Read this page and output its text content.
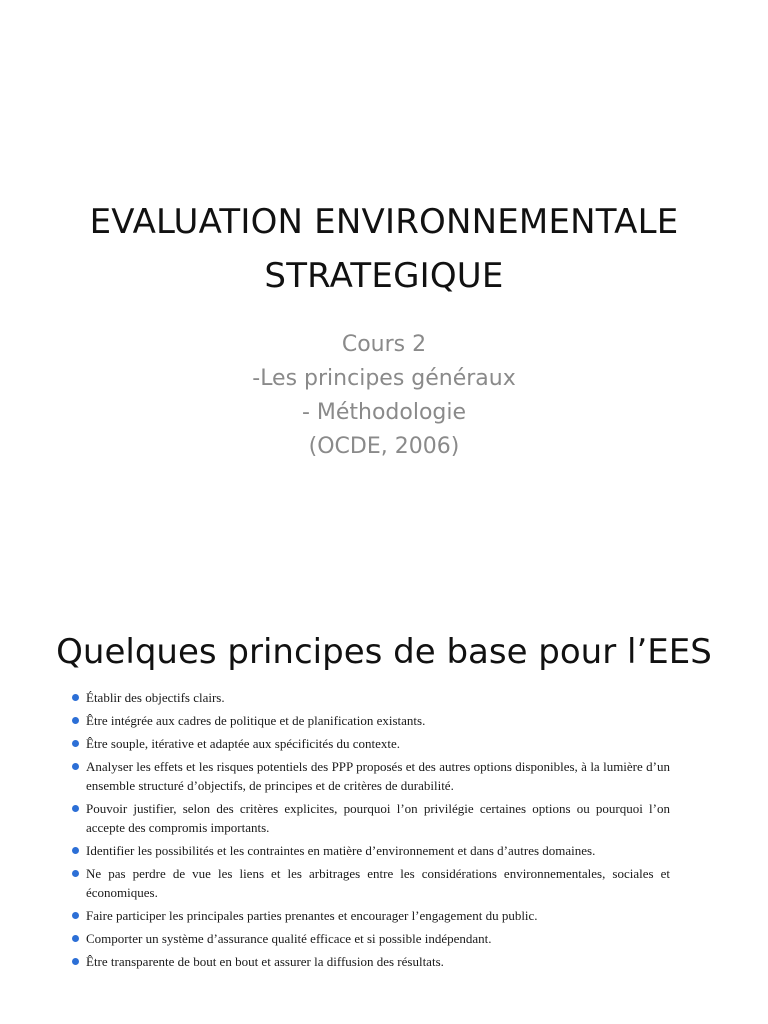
EVALUATION ENVIRONNEMENTALE
STRATEGIQUE
Cours 2
-Les principes généraux
- Méthodologie
(OCDE, 2006)
Quelques principes de base pour l’EES
Établir des objectifs clairs.
Être intégrée aux cadres de politique et de planification existants.
Être souple, itérative et adaptée aux spécificités du contexte.
Analyser les effets et les risques potentiels des PPP proposés et des autres options disponibles, à la lumière d’un ensemble structuré d’objectifs, de principes et de critères de durabilité.
Pouvoir justifier, selon des critères explicites, pourquoi l’on privilégie certaines options ou pourquoi l’on accepte des compromis importants.
Identifier les possibilités et les contraintes en matière d’environnement et dans d’autres domaines.
Ne pas perdre de vue les liens et les arbitrages entre les considérations environnementales, sociales et économiques.
Faire participer les principales parties prenantes et encourager l’engagement du public.
Comporter un système d’assurance qualité efficace et si possible indépendant.
Être transparente de bout en bout et assurer la diffusion des résultats.
